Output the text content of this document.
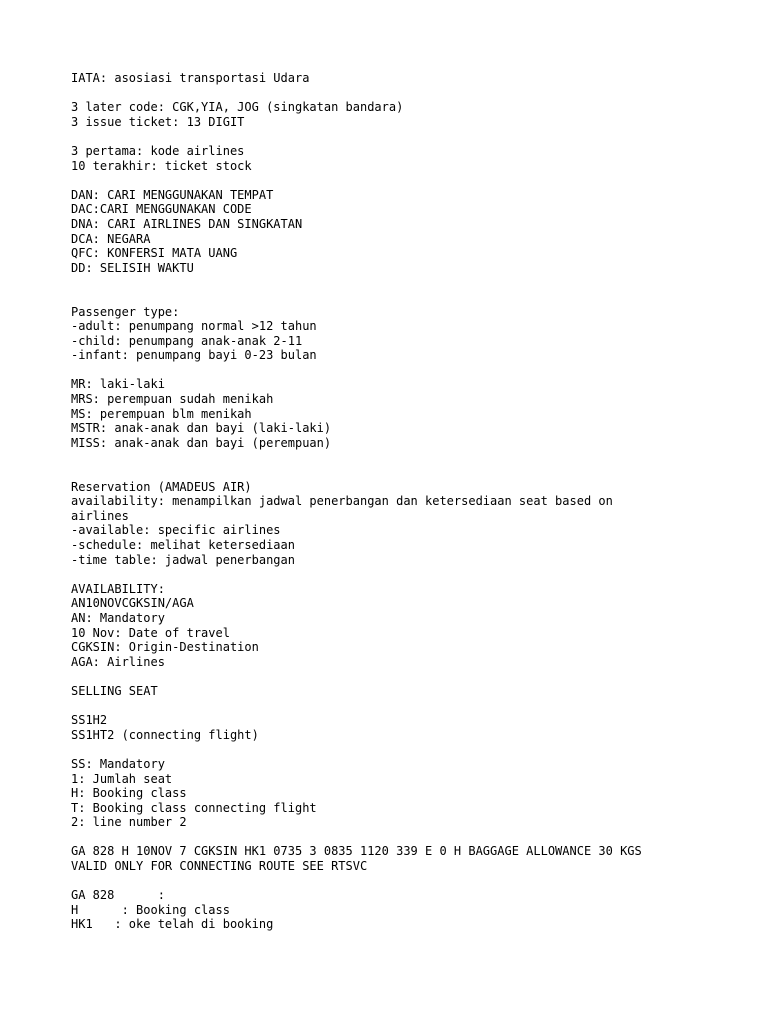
IATA: asosiasi transportasi Udara
3 later code: CGK,YIA, JOG (singkatan bandara)
3 issue ticket: 13 DIGIT
3 pertama: kode airlines
10 terakhir: ticket stock
DAN: CARI MENGGUNAKAN TEMPAT
DAC:CARI MENGGUNAKAN CODE
DNA: CARI AIRLINES DAN SINGKATAN
DCA: NEGARA
QFC: KONFERSI MATA UANG
DD: SELISIH WAKTU
Passenger type:
-adult: penumpang normal >12 tahun
-child: penumpang anak-anak 2-11
-infant: penumpang bayi 0-23 bulan
MR: laki-laki
MRS: perempuan sudah menikah
MS: perempuan blm menikah
MSTR: anak-anak dan bayi (laki-laki)
MISS: anak-anak dan bayi (perempuan)
Reservation (AMADEUS AIR)
availability: menampilkan jadwal penerbangan dan ketersediaan seat based on
airlines
-available: specific airlines
-schedule: melihat ketersediaan
-time table: jadwal penerbangan
AVAILABILITY:
AN10NOVCGKSIN/AGA
AN: Mandatory
10 Nov: Date of travel
CGKSIN: Origin-Destination
AGA: Airlines
SELLING SEAT
SS1H2
SS1HT2 (connecting flight)
SS: Mandatory
1: Jumlah seat
H: Booking class
T: Booking class connecting flight
2: line number 2
GA 828 H 10NOV 7 CGKSIN HK1 0735 3 0835 1120 339 E 0 H BAGGAGE ALLOWANCE 30 KGS
VALID ONLY FOR CONNECTING ROUTE SEE RTSVC
GA 828      :
H      : Booking class
HK1   : oke telah di booking
